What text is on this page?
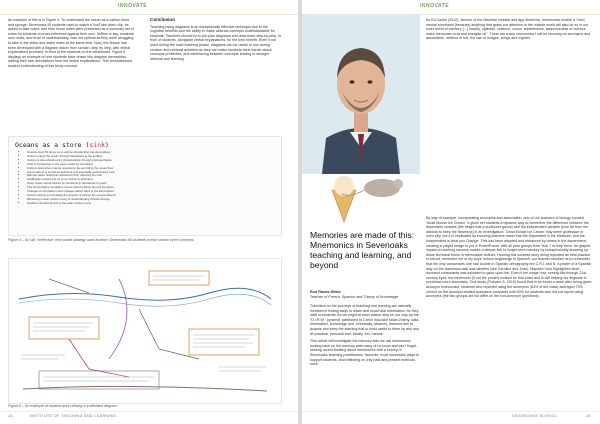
INNOVATE

An example of this is in Figure 4. To understand the ocean as a carbon store and sponge, Sevenoaks IB students used to watch a YouTube video clip, be asked to take notes, and then those notes were presented as a summary set of notes for students to cross-reference against their own. Suffice to say, students' own notes, and level of understanding, was not optimal as they were struggling to take in the video and make notes at the same time. Now, this lesson has been developed with a diagram drawn from scratch, step by step, with verbal explanations provided, in front of the students on the whiteboard. Figure 5 displays an example of how students have drawn this diagram themselves, adding their own annotations from the verbal explanations. This revolutionised student understanding of this tricky concept.

Conclusion

Teaching using diagrams is an exceptionally effective technique due to the cognitive benefits and the ability to make abstract concepts understandable for students. Teachers should try to pre-plan diagrams and draw them step-by-step, in front of students, alongside verbal explanations, for the best benefit. Even if not used during the main teaching phase, diagrams can be useful to use during revision and retrieval activities as they can make students think harder about concepts presented, and interleaving between concepts leading to stronger retrieval and learning.

Oceans as a store (sink)
• Oceans store 50 times more carbon dioxide than the atmosphere
• Carbon enters the ocean through dissolution at the surface
• Carbon is also absorbed by phytoplankton through photosynthesis
• CO2 is transported to the deep ocean by circulation
• Carbon sinks when marine organisms die and fall to the ocean floor
• Some carbon is stored as sediment and eventually sedimentary rock
• Warmer water holds less dissolved CO2, reducing the sink
• Acidification lowers pH as more carbon is absorbed
• Deep ocean stores carbon for hundreds to thousands of years
• The thermohaline circulation moves stored carbon around the globe
• Changes to circulation could release carbon back to the atmosphere
• Human activity is increasing the amount of carbon the oceans absorb
• Monitoring ocean carbon is key to understanding climate change
• Students should link this to the wider carbon cycle
Figure 4 – An old, ineffective, text based strategy used to teach Sevenoaks IB students ocean carbon cycle concepts.
Figure 5 – An example of student work utilising a scaffolded diagram.
14	INSTITUTE OF TEACHING AND LEARNING
INNOVATE
Memories are made of this: Mnemonics in Sevenoaks teaching and learning, and beyond
Rod Rands-Webb
Teacher of French, Spanish and Theory of Knowledge

Travellers on the journeys of teaching and learning are naturally invested in finding ways to retain and recall vital information, be they staff or students. As we might at each station stop on our way up the "D.I.R.W." pyramid, (attributed to Czech educator Milan Zeleny: data, information, knowledge and, eventually, wisdom), learners aim to acquire and keep the learning that is most useful to them by any and all practical, personal and, ideally, fun, means.

This article will investigate the memory aids we call mnemonics: looking back on the memory aids many of us know and can't forget, sharing recent thinking about mnemonics with a survey of Sevenoaks teaching practitioners' favourite, most successful ways to support students, and reflecting on why past and present methods work.

As Ed Cooke (2012), director of the Memrise website and app observes, mnemonics enable a "vivid mental shorthand [because] anything that grabs our attention in the outside world will also do so in our inner world of memory. [...] beauty, ugliness, violence, colour, sublimeness, salaciousness or humour make memories vivid and energise us". There are many mnemonics I will be focusing on acronyms and association, method of loci, the use of images, songs and rhymes.

By way of example, incorporating acronyms and association, one of our teachers of biology created 'Dead Mouse Ice Cream'. It gives her students a dynamic way to remember the difference between the dependent variable (the height that a sunflower grows) and the independent variable (how far from the window to keep the flowerpot) in an investigation. 'Dead Mouse Ice Cream' may seem grotesque or even silly, but it is vindicated by ensuring learners retain that the Dependent is the Measure, and the Independent is what you Change. This has been adopted and enhanced by others in the department, creating a playful image to put in PowerPoints, with all year groups from Year 7 to help them. Its graphic impact on working memory makes a deeper link to longer-term memory by metaphorically dressing up those technical terms in memorable clothes. Hearing this success story being repeated as best practice in school, reminded me of my boys' school beginnings in Spanish: our teacher needled us to remember that the only consonants one can double in Spanish orthography are C,R,L and N. A poster of a Spanish lady on the classroom wall was labelled (she Caroline and Juan) 'Hispanic' who highlighted other incorrect consonants was exhorted to gave upon her. Even if we cringe now, seeing this through 21st-century eyes, the mnemonic (if not the poster) worked for that class and is still helping our linguists to proofread more accurately. One study (Putnam, A. 2015) found that in an exam a week after being given acronym mnemonics, students who reported using the acronyms (64% of the class) averaged 70% correct on the acronym-related questions compared with 53% for students who did not report using acronyms (the two groups did not differ on the non-acronym questions).

SEVENOAKS SCHOOL	15
